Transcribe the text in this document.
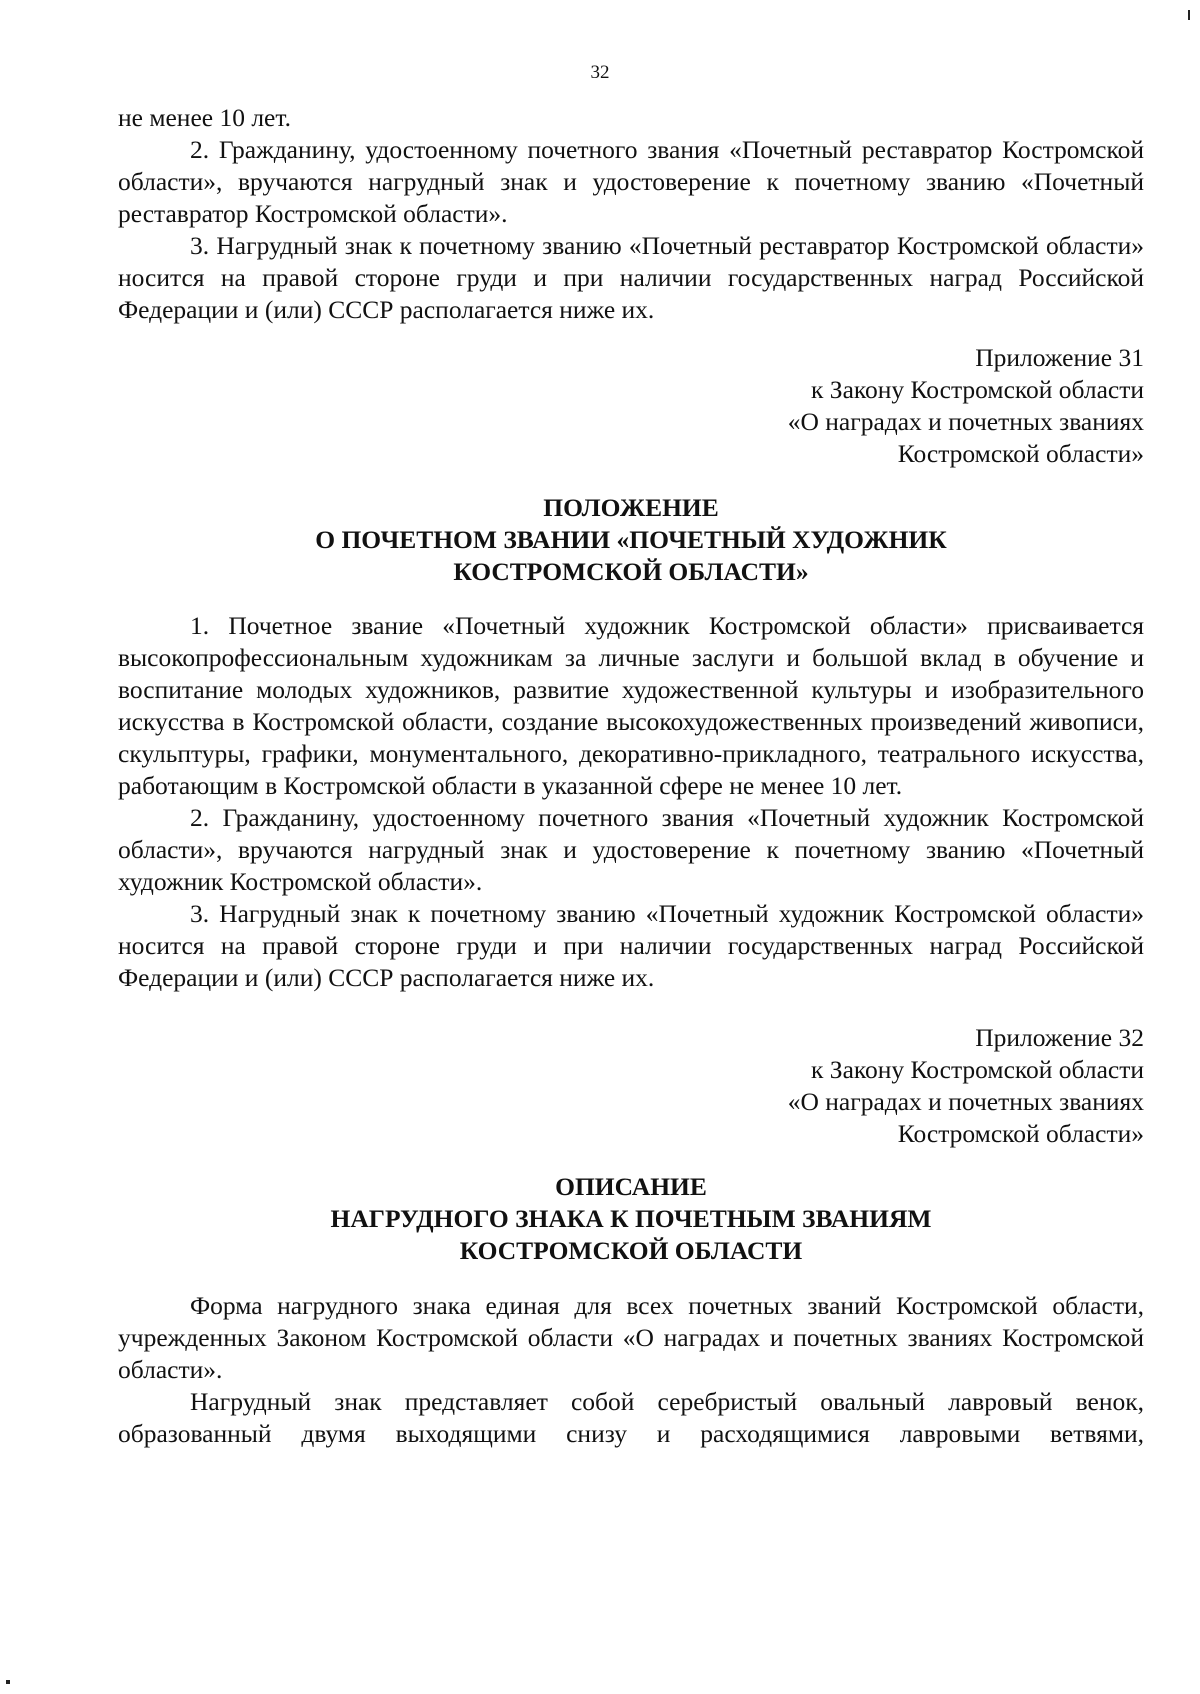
32

не менее 10 лет.

2. Гражданину, удостоенному почетного звания «Почетный реставратор Костромской области», вручаются нагрудный знак и удостоверение к почетному званию «Почетный реставратор Костромской области».

3. Нагрудный знак к почетному званию «Почетный реставратор Костромской области» носится на правой стороне груди и при наличии государственных наград Российской Федерации и (или) СССР располагается ниже их.

Приложение 31
к Закону Костромской области
«О наградах и почетных званиях
Костромской области»
ПОЛОЖЕНИЕ
О ПОЧЕТНОМ ЗВАНИИ «ПОЧЕТНЫЙ ХУДОЖНИК
КОСТРОМСКОЙ ОБЛАСТИ»

1. Почетное звание «Почетный художник Костромской области» присваивается высокопрофессиональным художникам за личные заслуги и большой вклад в обучение и воспитание молодых художников, развитие художественной культуры и изобразительного искусства в Костромской области, создание высокохудожественных произведений живописи, скульптуры, графики, монументального, декоративно-прикладного, театрального искусства, работающим в Костромской области в указанной сфере не менее 10 лет.

2. Гражданину, удостоенному почетного звания «Почетный художник Костромской области», вручаются нагрудный знак и удостоверение к почетному званию «Почетный художник Костромской области».

3. Нагрудный знак к почетному званию «Почетный художник Костромской области» носится на правой стороне груди и при наличии государственных наград Российской Федерации и (или) СССР располагается ниже их.

Приложение 32
к Закону Костромской области
«О наградах и почетных званиях
Костромской области»
ОПИСАНИЕ
НАГРУДНОГО ЗНАКА К ПОЧЕТНЫМ ЗВАНИЯМ
КОСТРОМСКОЙ ОБЛАСТИ

Форма нагрудного знака единая для всех почетных званий Костромской области, учрежденных Законом Костромской области «О наградах и почетных званиях Костромской области».

Нагрудный знак представляет собой серебристый овальный лавровый венок, образованный двумя выходящими снизу и расходящимися лавровыми ветвями,
